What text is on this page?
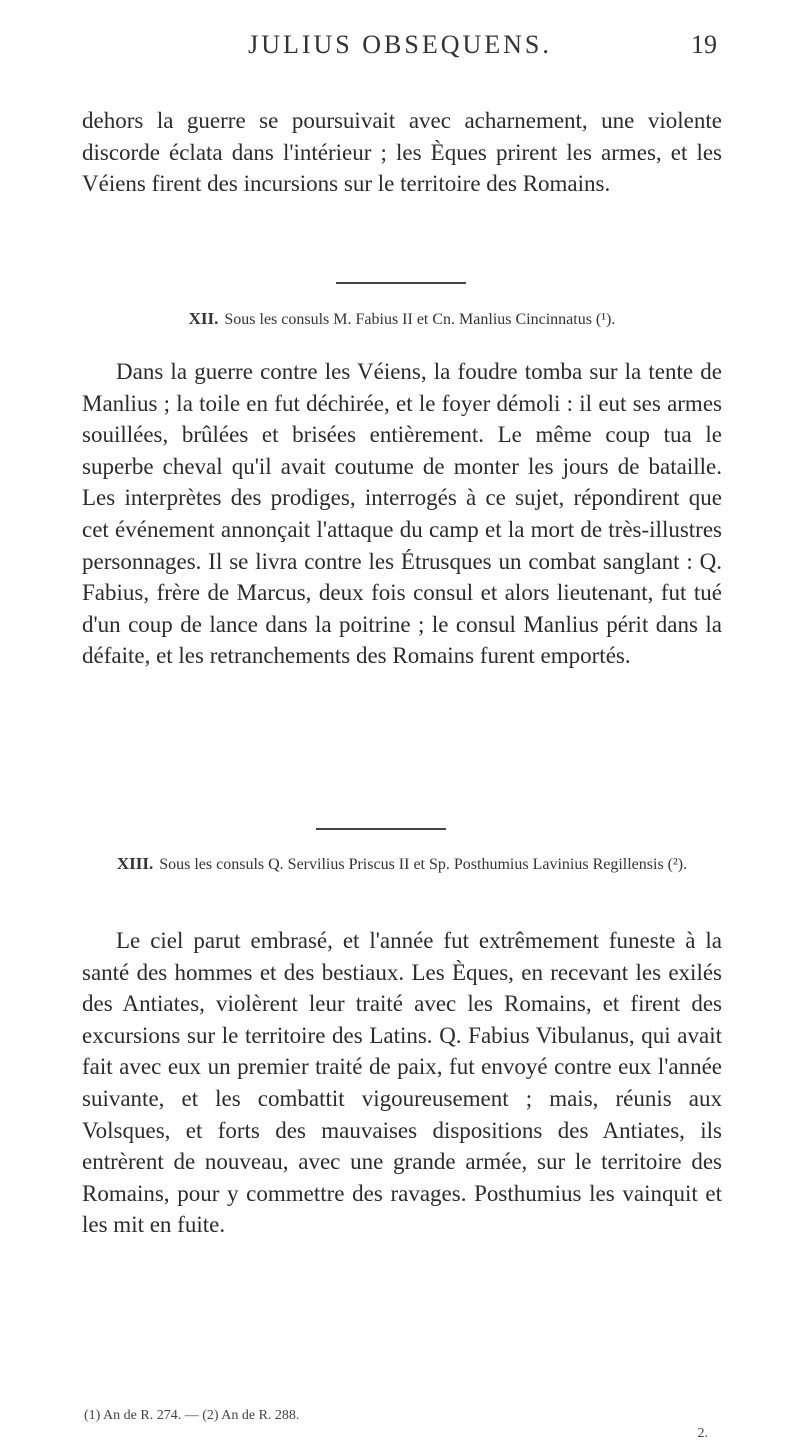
JULIUS OBSEQUENS.	19

dehors la guerre se poursuivait avec acharnement, une violente discorde éclata dans l'intérieur ; les Èques prirent les armes, et les Véiens firent des incursions sur le territoire des Romains.

XII. Sous les consuls M. Fabius II et Cn. Manlius Cincinnatus (¹).

Dans la guerre contre les Véiens, la foudre tomba sur la tente de Manlius ; la toile en fut déchirée, et le foyer démoli : il eut ses armes souillées, brûlées et brisées entièrement. Le même coup tua le superbe cheval qu'il avait coutume de monter les jours de bataille. Les interprètes des prodiges, interrogés à ce sujet, répondirent que cet événement annonçait l'attaque du camp et la mort de très-illustres personnages. Il se livra contre les Étrusques un combat sanglant : Q. Fabius, frère de Marcus, deux fois consul et alors lieutenant, fut tué d'un coup de lance dans la poitrine ; le consul Manlius périt dans la défaite, et les retranchements des Romains furent emportés.

XIII. Sous les consuls Q. Servilius Priscus II et Sp. Posthumius Lavinius Regillensis (²).

Le ciel parut embrasé, et l'année fut extrêmement funeste à la santé des hommes et des bestiaux. Les Èques, en recevant les exilés des Antiates, violèrent leur traité avec les Romains, et firent des excursions sur le territoire des Latins. Q. Fabius Vibulanus, qui avait fait avec eux un premier traité de paix, fut envoyé contre eux l'année suivante, et les combattit vigoureusement ; mais, réunis aux Volsques, et forts des mauvaises dispositions des Antiates, ils entrèrent de nouveau, avec une grande armée, sur le territoire des Romains, pour y commettre des ravages. Posthumius les vainquit et les mit en fuite.

(1) An de R. 274. — (2) An de R. 288.
2.
